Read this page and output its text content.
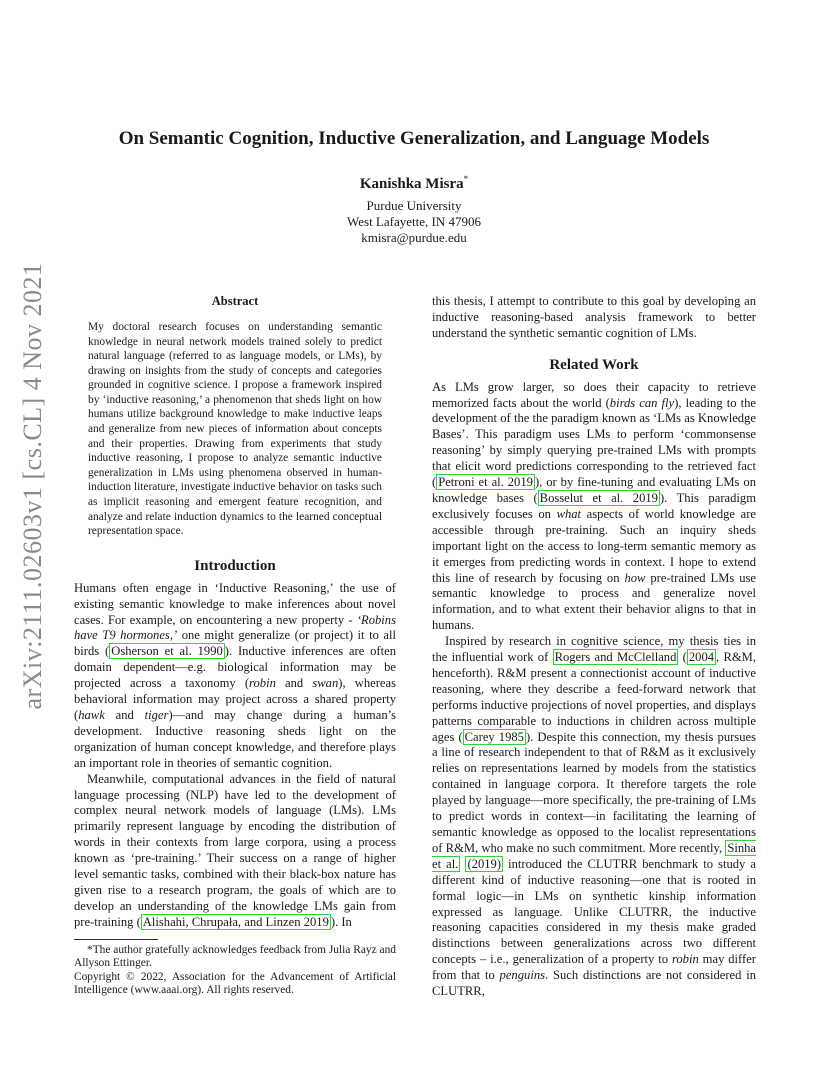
arXiv:2111.02603v1 [cs.CL] 4 Nov 2021
On Semantic Cognition, Inductive Generalization, and Language Models
Kanishka Misra*
Purdue University
West Lafayette, IN 47906
kmisra@purdue.edu
Abstract

My doctoral research focuses on understanding semantic knowledge in neural network models trained solely to predict natural language (referred to as language models, or LMs), by drawing on insights from the study of concepts and categories grounded in cognitive science. I propose a framework inspired by ‘inductive reasoning,’ a phenomenon that sheds light on how humans utilize background knowledge to make inductive leaps and generalize from new pieces of information about concepts and their properties. Drawing from experiments that study inductive reasoning, I propose to analyze semantic inductive generalization in LMs using phenomena observed in human-induction literature, investigate inductive behavior on tasks such as implicit reasoning and emergent feature recognition, and analyze and relate induction dynamics to the learned conceptual representation space.

Introduction

Humans often engage in ‘Inductive Reasoning,’ the use of existing semantic knowledge to make inferences about novel cases. For example, on encountering a new property - ‘Robins have T9 hormones,’ one might generalize (or project) it to all birds ( Osherson et al. 1990 ). Inductive inferences are often domain dependent—e.g. biological information may be projected across a taxonomy (robin and swan), whereas behavioral information may project across a shared property (hawk and tiger)—and may change during a human’s development. Inductive reasoning sheds light on the organization of human concept knowledge, and therefore plays an important role in theories of semantic cognition.

Meanwhile, computational advances in the field of natural language processing (NLP) have led to the development of complex neural network models of language (LMs). LMs primarily represent language by encoding the distribution of words in their contexts from large corpora, using a process known as ‘pre-training.’ Their success on a range of higher level semantic tasks, combined with their black-box nature has given rise to a research program, the goals of which are to develop an understanding of the knowledge LMs gain from pre-training ( Alishahi, Chrupała, and Linzen 2019 ). In

*The author gratefully acknowledges feedback from Julia Rayz and Allyson Ettinger.

Copyright © 2022, Association for the Advancement of Artificial Intelligence (www.aaai.org). All rights reserved.

this thesis, I attempt to contribute to this goal by developing an inductive reasoning-based analysis framework to better understand the synthetic semantic cognition of LMs.

Related Work

As LMs grow larger, so does their capacity to retrieve memorized facts about the world (birds can fly), leading to the development of the the paradigm known as ‘LMs as Knowledge Bases’. This paradigm uses LMs to perform ‘commonsense reasoning’ by simply querying pre-trained LMs with prompts that elicit word predictions corresponding to the retrieved fact ( Petroni et al. 2019 ), or by fine-tuning and evaluating LMs on knowledge bases ( Bosselut et al. 2019 ). This paradigm exclusively focuses on what aspects of world knowledge are accessible through pre-training. Such an inquiry sheds important light on the access to long-term semantic memory as it emerges from predicting words in context. I hope to extend this line of research by focusing on how pre-trained LMs use semantic knowledge to process and generalize novel information, and to what extent their behavior aligns to that in humans.

Inspired by research in cognitive science, my thesis ties in the influential work of Rogers and McClelland ( 2004 , R&M, henceforth). R&M present a connectionist account of inductive reasoning, where they describe a feed-forward network that performs inductive projections of novel properties, and displays patterns comparable to inductions in children across multiple ages ( Carey 1985 ). Despite this connection, my thesis pursues a line of research independent to that of R&M as it exclusively relies on representations learned by models from the statistics contained in language corpora. It therefore targets the role played by language—more specifically, the pre-training of LMs to predict words in context—in facilitating the learning of semantic knowledge as opposed to the localist representations of R&M, who make no such commitment. More recently, Sinha et al. (2019) introduced the CLUTRR benchmark to study a different kind of inductive reasoning—one that is rooted in formal logic—in LMs on synthetic kinship information expressed as language. Unlike CLUTRR, the inductive reasoning capacities considered in my thesis make graded distinctions between generalizations across two different concepts – i.e., generalization of a property to robin may differ from that to penguins. Such distinctions are not considered in CLUTRR,
